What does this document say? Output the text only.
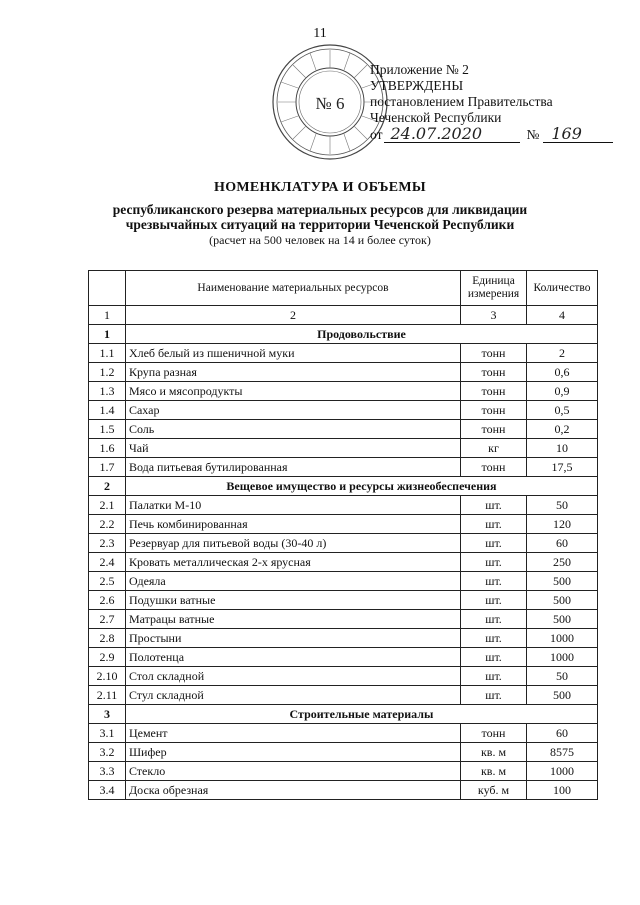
11
№ 6
Приложение № 2
УТВЕРЖДЕНЫ
постановлением Правительства
Чеченской Республики
от 24.07.2020	№ 169
НОМЕНКЛАТУРА И ОБЪЕМЫ
республиканского резерва материальных ресурсов для ликвидации
чрезвычайных ситуаций на территории Чеченской Республики
(расчет на 500 человек на 14 и более суток)
	Наименование материальных ресурсов	Единица измерения	Количество
1	2	3	4
1	Продовольствие		
1.1	Хлеб белый из пшеничной муки	тонн	2
1.2	Крупа разная	тонн	0,6
1.3	Мясо и мясопродукты	тонн	0,9
1.4	Сахар	тонн	0,5
1.5	Соль	тонн	0,2
1.6	Чай	кг	10
1.7	Вода питьевая бутилированная	тонн	17,5
2	Вещевое имущество и ресурсы жизнеобеспечения		
2.1	Палатки М-10	шт.	50
2.2	Печь комбинированная	шт.	120
2.3	Резервуар для питьевой воды (30-40 л)	шт.	60
2.4	Кровать металлическая 2-х ярусная	шт.	250
2.5	Одеяла	шт.	500
2.6	Подушки ватные	шт.	500
2.7	Матрацы ватные	шт.	500
2.8	Простыни	шт.	1000
2.9	Полотенца	шт.	1000
2.10	Стол складной	шт.	50
2.11	Стул складной	шт.	500
3	Строительные материалы		
3.1	Цемент	тонн	60
3.2	Шифер	кв. м	8575
3.3	Стекло	кв. м	1000
3.4	Доска обрезная	куб. м	100
